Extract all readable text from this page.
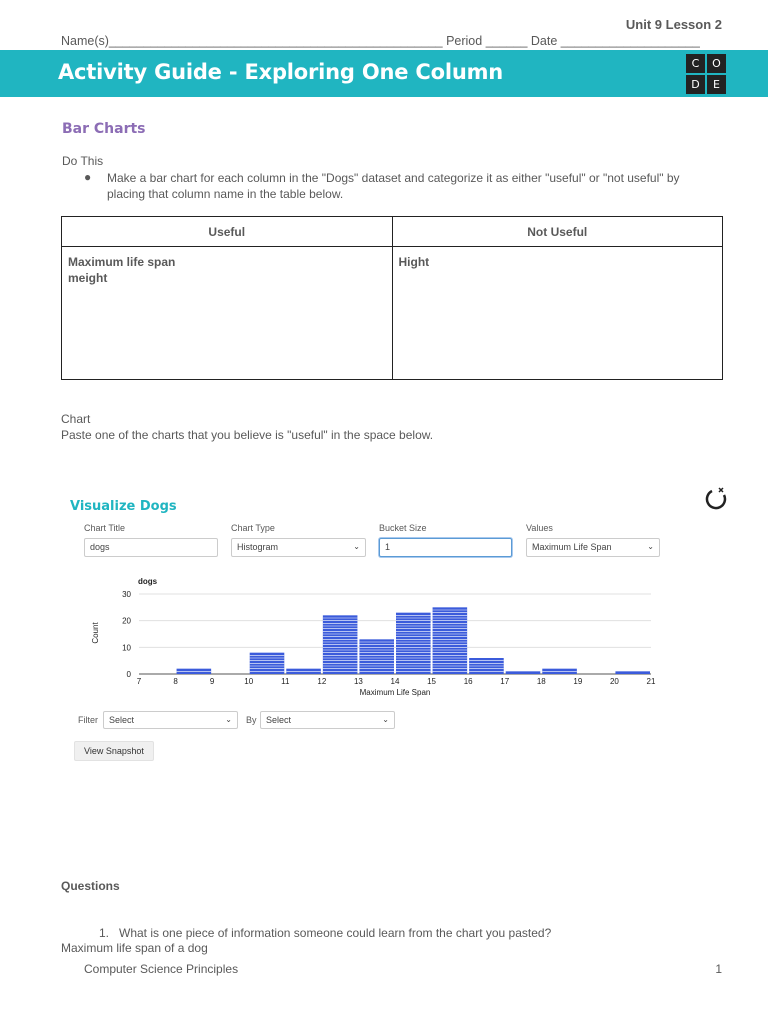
Unit 9 Lesson 2
Name(s)________________________________________________ Period ______ Date ____________________
Activity Guide - Exploring One Column	C	O
D	E
Bar Charts
Do This
● Make a bar chart for each column in the "Dogs" dataset and categorize it as either "useful" or "not useful" by placing that column name in the table below.
Useful	Not Useful

Maximum life span
meight	Hight
Chart
Paste one of the charts that you believe is "useful" in the space below.
Visualize Dogs
Chart Title
dogs
Chart Type
Histogram	⌄
Bucket Size
1
Values
Maximum Life Span	⌄
dogs
Count
Maximum Life Span
0
10
20
30
7	8	9	10	11	12	13	14	15	16	17	18	19	20	21
Filter	Select	⌄ By	Select	⌄
View Snapshot
Questions
1.   What is one piece of information someone could learn from the chart you pasted?
Maximum life span of a dog
Computer Science Principles	1
